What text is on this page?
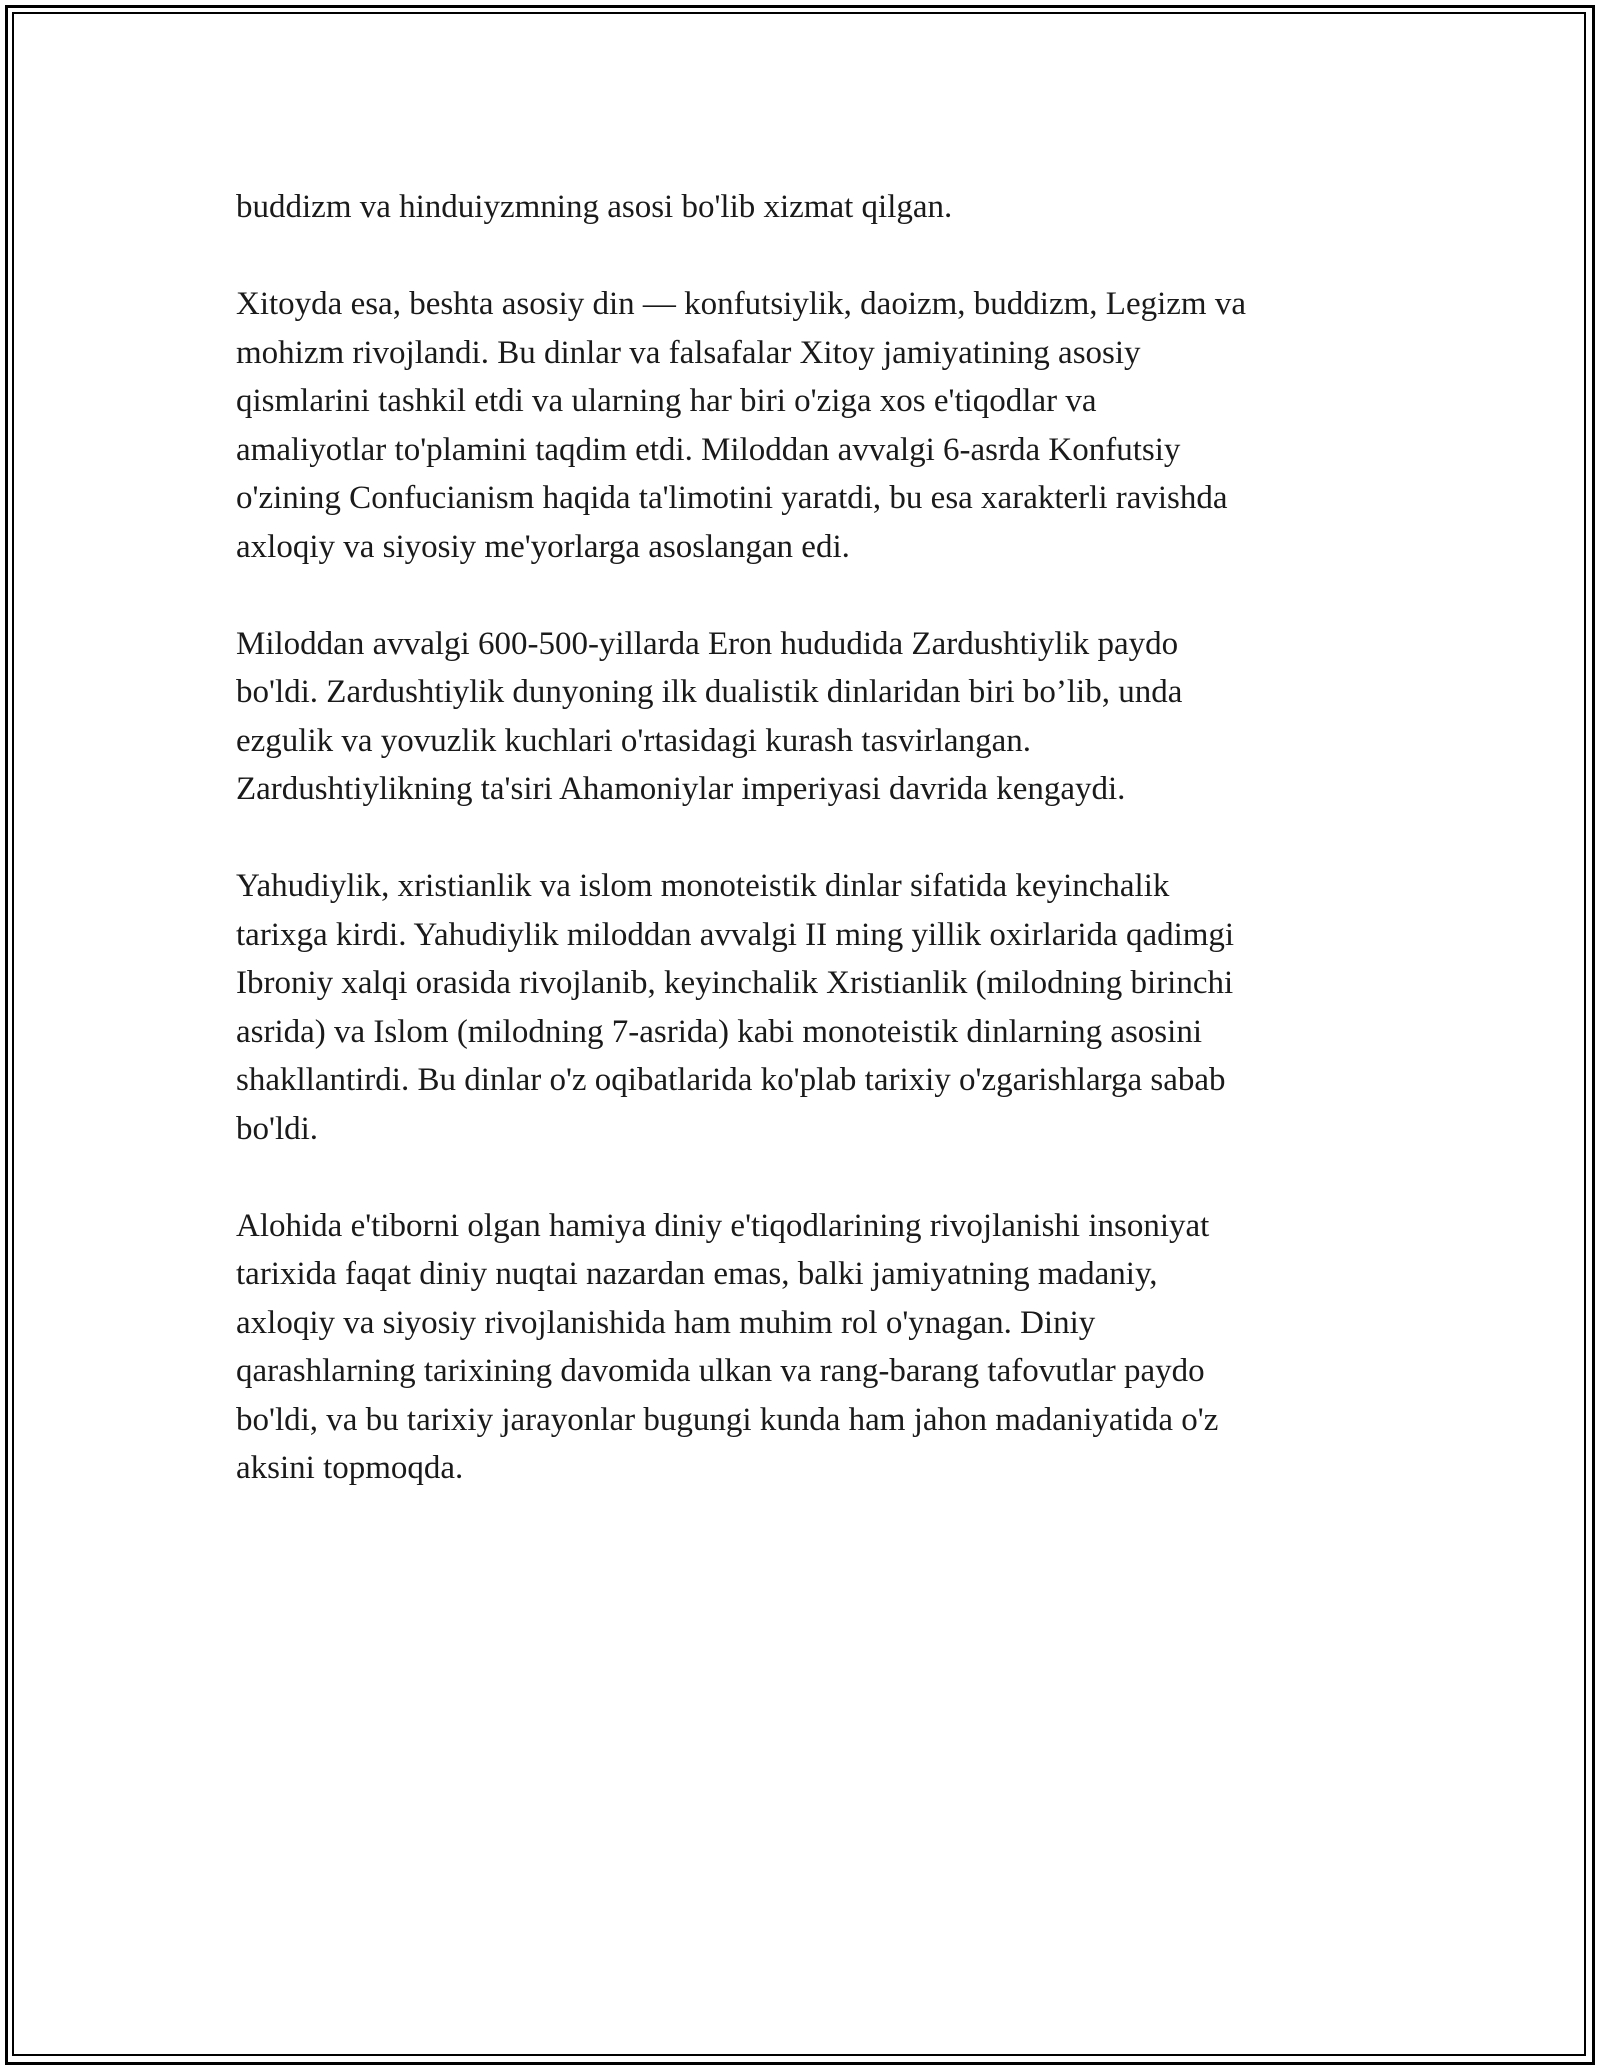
buddizm va hinduiyzmning asosi bo'lib xizmat qilgan.

Xitoyda esa, beshta asosiy din — konfutsiylik, daoizm, buddizm, Legizm va
mohizm rivojlandi. Bu dinlar va falsafalar Xitoy jamiyatining asosiy
qismlarini tashkil etdi va ularning har biri o'ziga xos e'tiqodlar va
amaliyotlar to'plamini taqdim etdi. Miloddan avvalgi 6-asrda Konfutsiy
o'zining Confucianism haqida ta'limotini yaratdi, bu esa xarakterli ravishda
axloqiy va siyosiy me'yorlarga asoslangan edi.

Miloddan avvalgi 600-500-yillarda Eron hududida Zardushtiylik paydo
bo'ldi. Zardushtiylik dunyoning ilk dualistik dinlaridan biri bo’lib, unda
ezgulik va yovuzlik kuchlari o'rtasidagi kurash tasvirlangan.
Zardushtiylikning ta'siri Ahamoniylar imperiyasi davrida kengaydi.

Yahudiylik, xristianlik va islom monoteistik dinlar sifatida keyinchalik
tarixga kirdi. Yahudiylik miloddan avvalgi II ming yillik oxirlarida qadimgi
Ibroniy xalqi orasida rivojlanib, keyinchalik Xristianlik (milodning birinchi
asrida) va Islom (milodning 7-asrida) kabi monoteistik dinlarning asosini
shakllantirdi. Bu dinlar o'z oqibatlarida ko'plab tarixiy o'zgarishlarga sabab
bo'ldi.

Alohida e'tiborni olgan hamiya diniy e'tiqodlarining rivojlanishi insoniyat
tarixida faqat diniy nuqtai nazardan emas, balki jamiyatning madaniy,
axloqiy va siyosiy rivojlanishida ham muhim rol o'ynagan. Diniy
qarashlarning tarixining davomida ulkan va rang-barang tafovutlar paydo
bo'ldi, va bu tarixiy jarayonlar bugungi kunda ham jahon madaniyatida o'z
aksini topmoqda.
